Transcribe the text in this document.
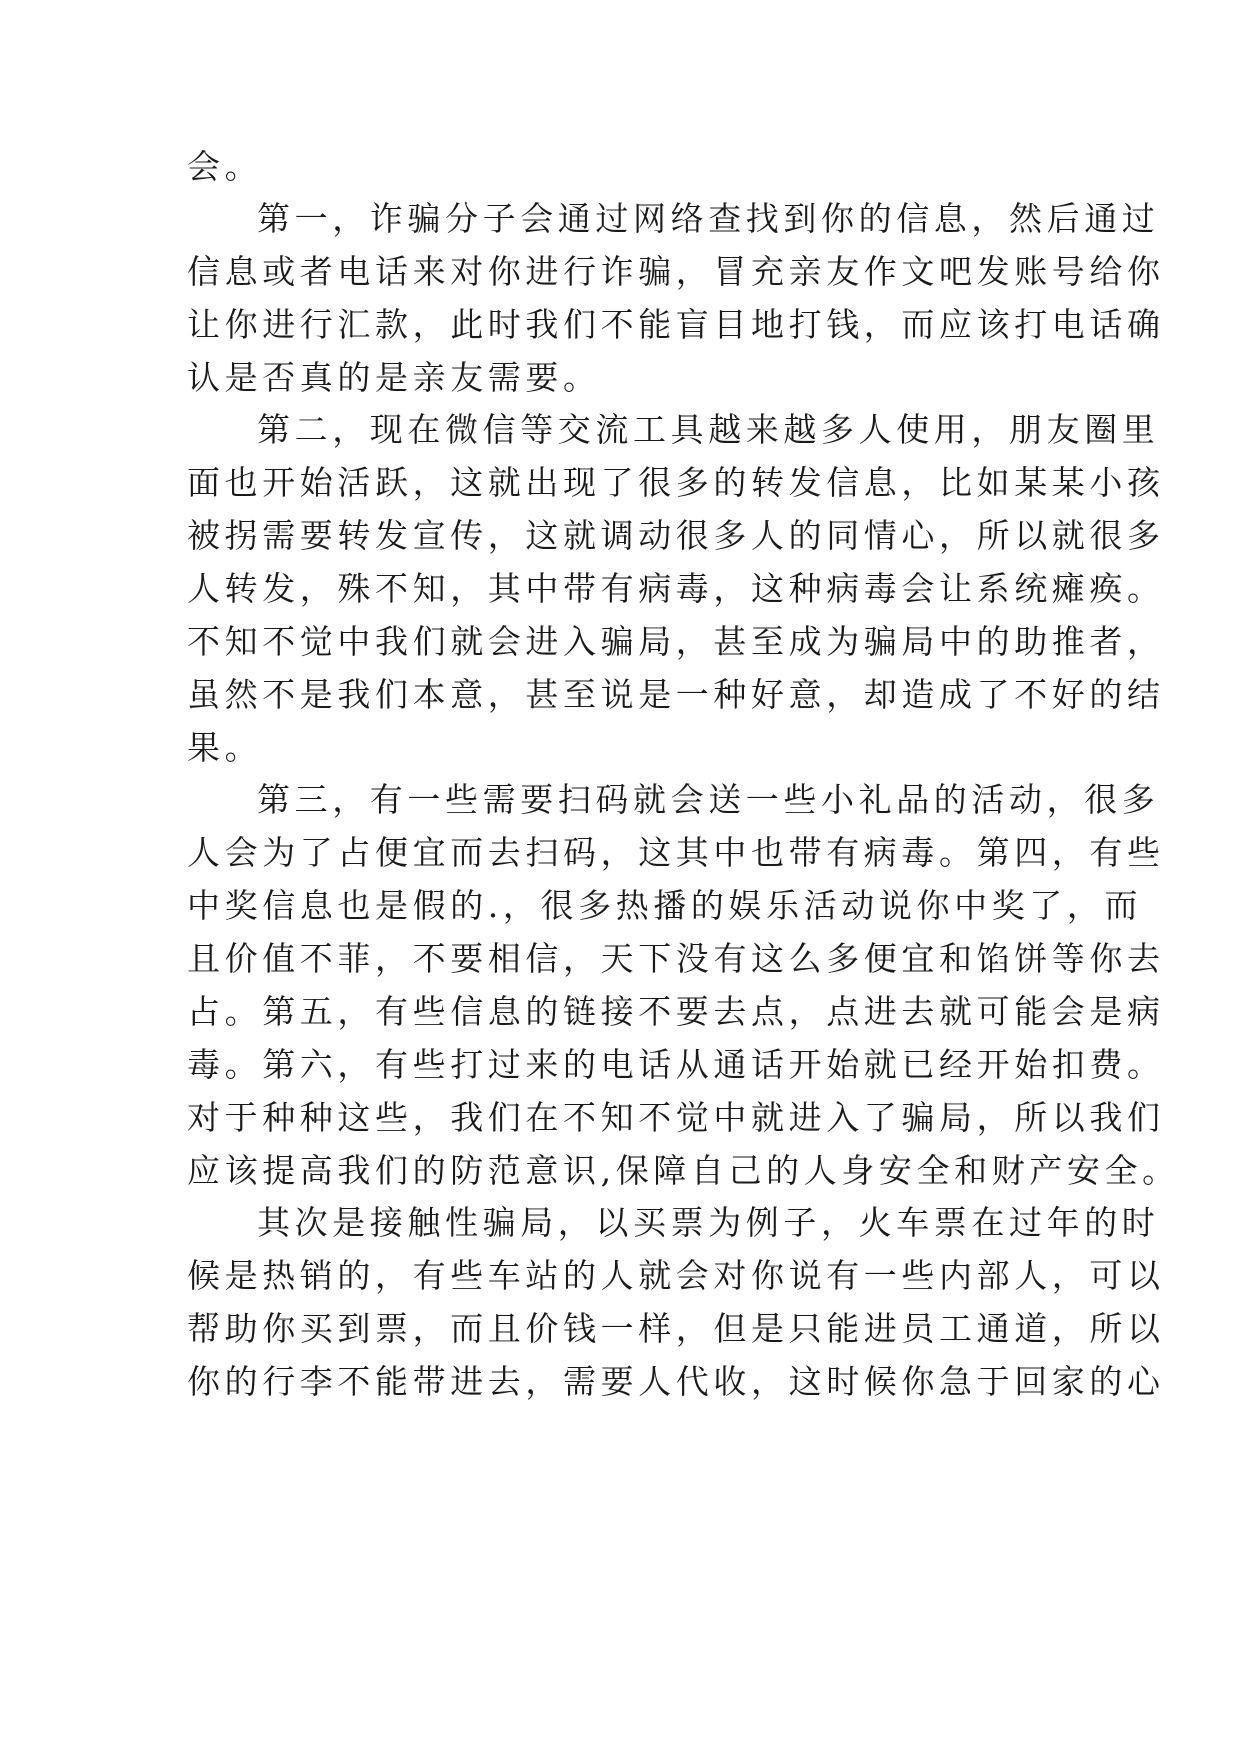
会。
第一，诈骗分子会通过网络查找到你的信息，然后通过
信息或者电话来对你进行诈骗，冒充亲友作文吧发账号给你
让你进行汇款，此时我们不能盲目地打钱，而应该打电话确
认是否真的是亲友需要。
第二，现在微信等交流工具越来越多人使用，朋友圈里
面也开始活跃，这就出现了很多的转发信息，比如某某小孩
被拐需要转发宣传，这就调动很多人的同情心，所以就很多
人转发，殊不知，其中带有病毒，这种病毒会让系统瘫痪。
不知不觉中我们就会进入骗局，甚至成为骗局中的助推者，
虽然不是我们本意，甚至说是一种好意，却造成了不好的结
果。
第三，有一些需要扫码就会送一些小礼品的活动，很多
人会为了占便宜而去扫码，这其中也带有病毒。第四，有些
中奖信息也是假的.，很多热播的娱乐活动说你中奖了，而
且价值不菲，不要相信，天下没有这么多便宜和馅饼等你去
占。第五，有些信息的链接不要去点，点进去就可能会是病
毒。第六，有些打过来的电话从通话开始就已经开始扣费。
对于种种这些，我们在不知不觉中就进入了骗局，所以我们
应该提高我们的防范意识,保障自己的人身安全和财产安全。
其次是接触性骗局，以买票为例子，火车票在过年的时
候是热销的，有些车站的人就会对你说有一些内部人，可以
帮助你买到票，而且价钱一样，但是只能进员工通道，所以
你的行李不能带进去，需要人代收，这时候你急于回家的心
